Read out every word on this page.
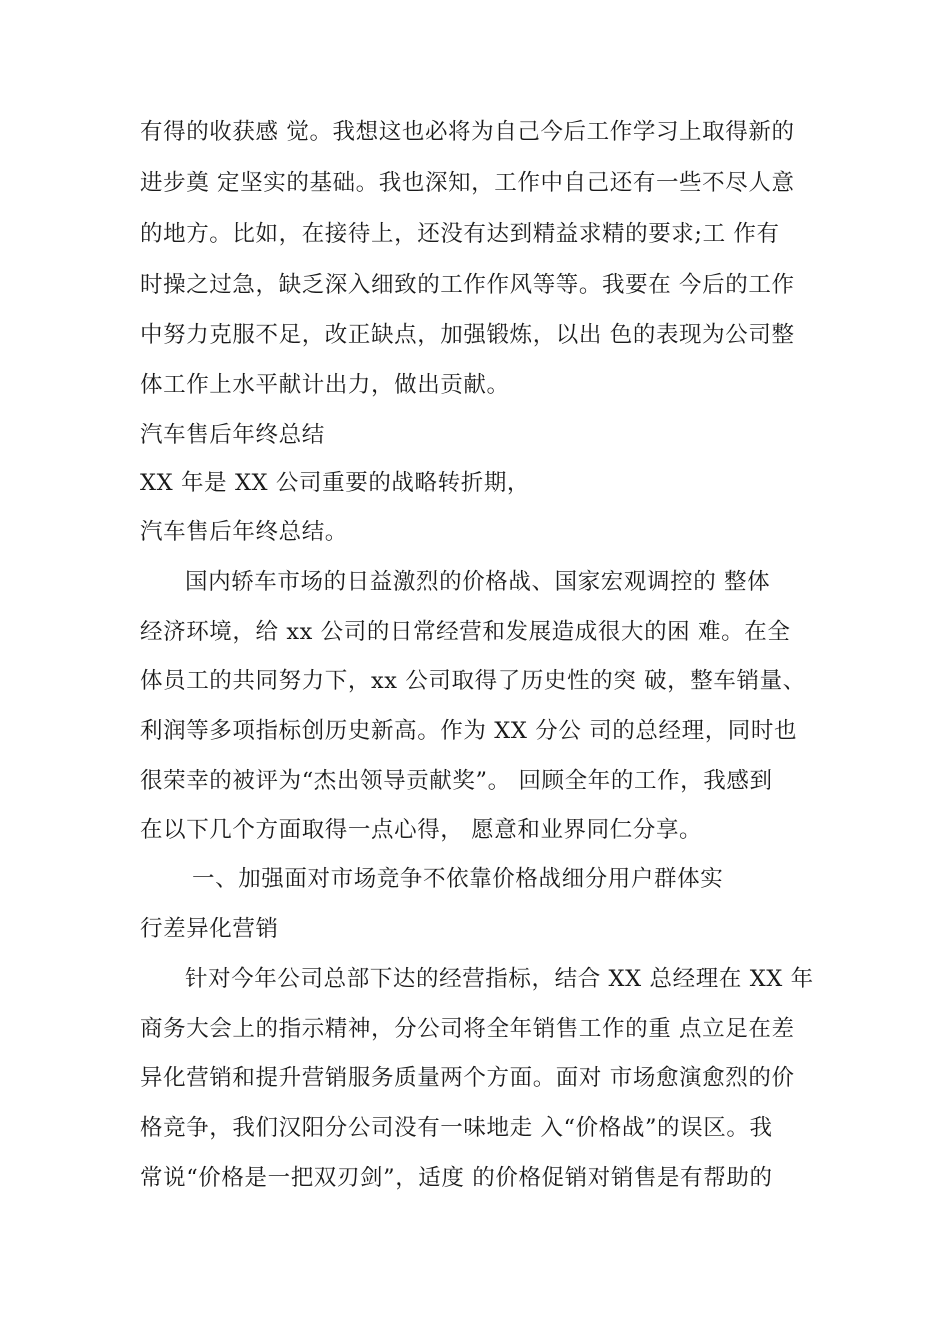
有得的收获感 觉。我想这也必将为自己今后工作学习上取得新的
进步奠 定坚实的基础。我也深知，工作中自己还有一些不尽人意
的地方。比如，在接待上，还没有达到精益求精的要求;工 作有
时操之过急，缺乏深入细致的工作作风等等。我要在 今后的工作
中努力克服不足，改正缺点，加强锻炼，以出 色的表现为公司整
体工作上水平献计出力，做出贡献。
汽车售后年终总结
XX 年是 XX 公司重要的战略转折期，
汽车售后年终总结。
国内轿车市场的日益激烈的价格战、国家宏观调控的 整体
经济环境，给 xx 公司的日常经营和发展造成很大的困 难。在全
体员工的共同努力下，xx 公司取得了历史性的突 破，整车销量、
利润等多项指标创历史新高。作为 XX 分公 司的总经理，同时也
很荣幸的被评为“杰出领导贡献奖”。 回顾全年的工作，我感到
在以下几个方面取得一点心得， 愿意和业界同仁分享。
一、加强面对市场竞争不依靠价格战细分用户群体实
行差异化营销
针对今年公司总部下达的经营指标，结合 XX 总经理在 XX 年
商务大会上的指示精神，分公司将全年销售工作的重 点立足在差
异化营销和提升营销服务质量两个方面。面对 市场愈演愈烈的价
格竞争，我们汉阳分公司没有一味地走 入“价格战”的误区。我
常说“价格是一把双刃剑”，适度 的价格促销对销售是有帮助的
